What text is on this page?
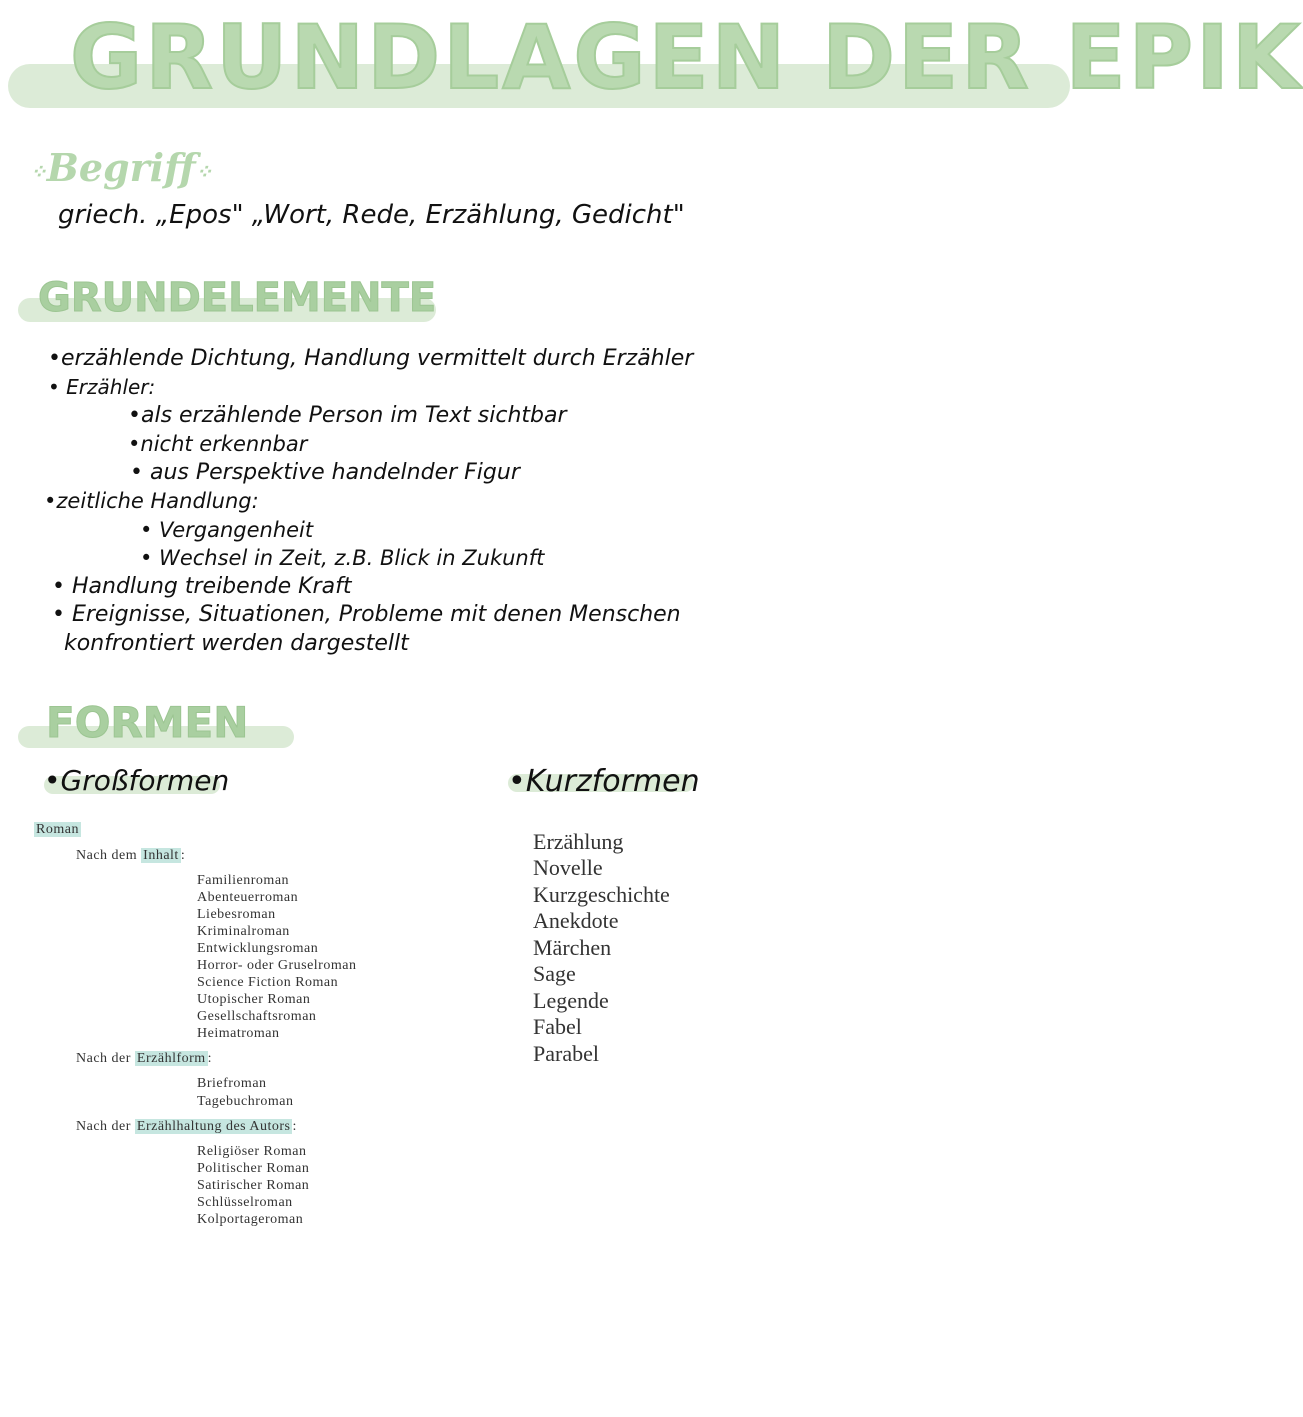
GRUNDLAGEN DER EPIK
⁘Begriff⁘
griech. „Epos" „Wort, Rede, Erzählung, Gedicht"
GRUNDELEMENTE
•erzählende Dichtung, Handlung vermittelt durch Erzähler
• Erzähler:
•als erzählende Person im Text sichtbar
•nicht erkennbar
• aus Perspektive handelnder Figur
•zeitliche Handlung:
• Vergangenheit
• Wechsel in Zeit, z.B. Blick in Zukunft
• Handlung treibende Kraft
• Ereignisse, Situationen, Probleme mit denen Menschen
konfrontiert werden dargestellt
FORMEN
•Großformen	•Kurzformen
Roman
Nach dem Inhalt :
Familienroman
Abenteuerroman
Liebesroman
Kriminalroman
Entwicklungsroman
Horror- oder Gruselroman
Science Fiction Roman
Utopischer Roman
Gesellschaftsroman
Heimatroman
Nach der Erzählform :
Briefroman
Tagebuchroman
Nach der Erzählhaltung des Autors :
Religiöser Roman
Politischer Roman
Satirischer Roman
Schlüsselroman
Kolportageroman
Erzählung
Novelle
Kurzgeschichte
Anekdote
Märchen
Sage
Legende
Fabel
Parabel
